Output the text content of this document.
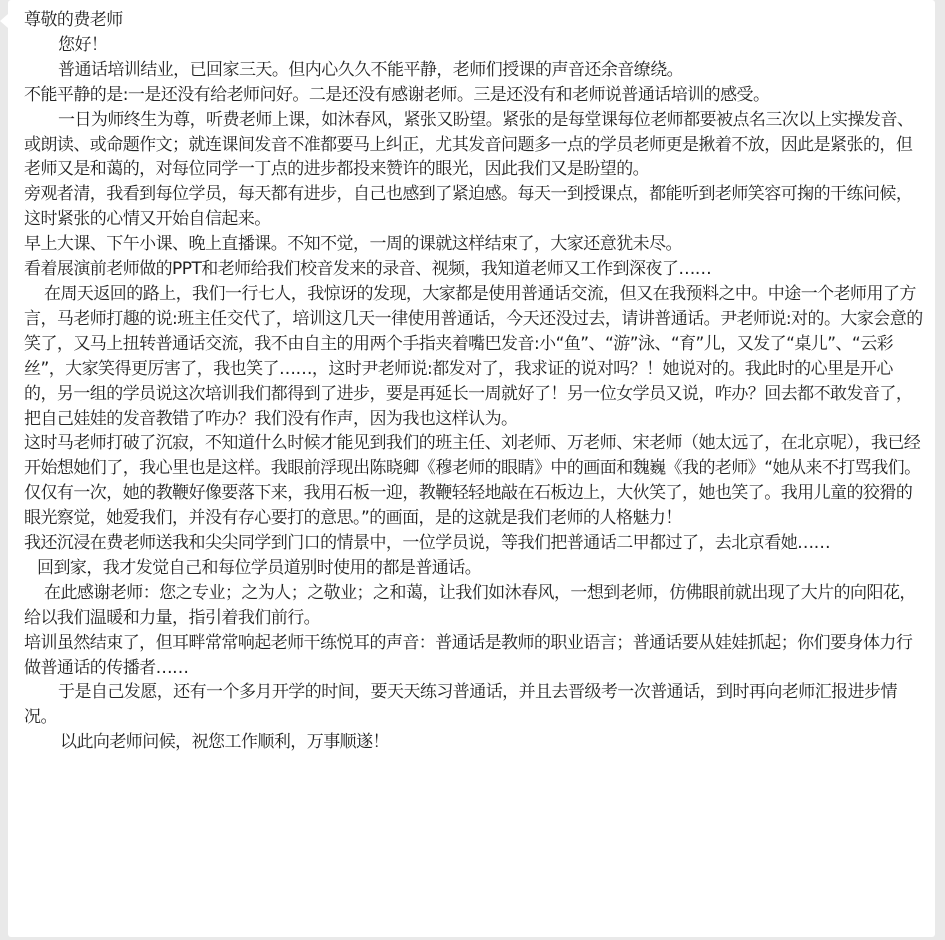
尊敬的费老师

您好！

普通话培训结业，已回家三天。但内心久久不能平静，老师们授课的声音还余音缭绕。

不能平静的是:一是还没有给老师问好。二是还没有感谢老师。三是还没有和老师说普通话培训的感受。

一日为师终生为尊，听费老师上课，如沐春风，紧张又盼望。紧张的是每堂课每位老师都要被点名三次以上实操发音、或朗读、或命题作文；就连课间发音不准都要马上纠正，尤其发音问题多一点的学员老师更是揪着不放，因此是紧张的，但老师又是和蔼的，对每位同学一丁点的进步都投来赞许的眼光，因此我们又是盼望的。

旁观者清，我看到每位学员，每天都有进步，自己也感到了紧迫感。每天一到授课点，都能听到老师笑容可掬的干练问候，这时紧张的心情又开始自信起来。

早上大课、下午小课、晚上直播课。不知不觉，一周的课就这样结束了，大家还意犹未尽。

看着展演前老师做的PPT和老师给我们校音发来的录音、视频，我知道老师又工作到深夜了……

在周天返回的路上，我们一行七人，我惊讶的发现，大家都是使用普通话交流，但又在我预料之中。中途一个老师用了方言，马老师打趣的说:班主任交代了，培训这几天一律使用普通话，今天还没过去，请讲普通话。尹老师说:对的。大家会意的笑了，又马上扭转普通话交流，我不由自主的用两个手指夹着嘴巴发音:小“鱼”、“游”泳、“育”儿，又发了“桌儿”、“云彩丝”，大家笑得更厉害了，我也笑了……，这时尹老师说:都发对了，我求证的说对吗？！她说对的。我此时的心里是开心的，另一组的学员说这次培训我们都得到了进步，要是再延长一周就好了！另一位女学员又说，咋办？回去都不敢发音了，把自己娃娃的发音教错了咋办？我们没有作声，因为我也这样认为。

这时马老师打破了沉寂，不知道什么时候才能见到我们的班主任、刘老师、万老师、宋老师（她太远了，在北京呢），我已经开始想她们了，我心里也是这样。我眼前浮现出陈晓卿《穆老师的眼睛》中的画面和魏巍《我的老师》“她从来不打骂我们。仅仅有一次，她的教鞭好像要落下来，我用石板一迎，教鞭轻轻地敲在石板边上，大伙笑了，她也笑了。我用儿童的狡猾的眼光察觉，她爱我们，并没有存心要打的意思。”的画面，是的这就是我们老师的人格魅力！

我还沉浸在费老师送我和尖尖同学到门口的情景中，一位学员说，等我们把普通话二甲都过了，去北京看她……

回到家，我才发觉自己和每位学员道别时使用的都是普通话。

在此感谢老师：您之专业；之为人；之敬业；之和蔼，让我们如沐春风，一想到老师，仿佛眼前就出现了大片的向阳花，给以我们温暖和力量，指引着我们前行。

培训虽然结束了，但耳畔常常响起老师干练悦耳的声音：普通话是教师的职业语言；普通话要从娃娃抓起；你们要身体力行做普通话的传播者……

于是自己发愿，还有一个多月开学的时间，要天天练习普通话，并且去晋级考一次普通话，到时再向老师汇报进步情况。

以此向老师问候，祝您工作顺利，万事顺遂！
